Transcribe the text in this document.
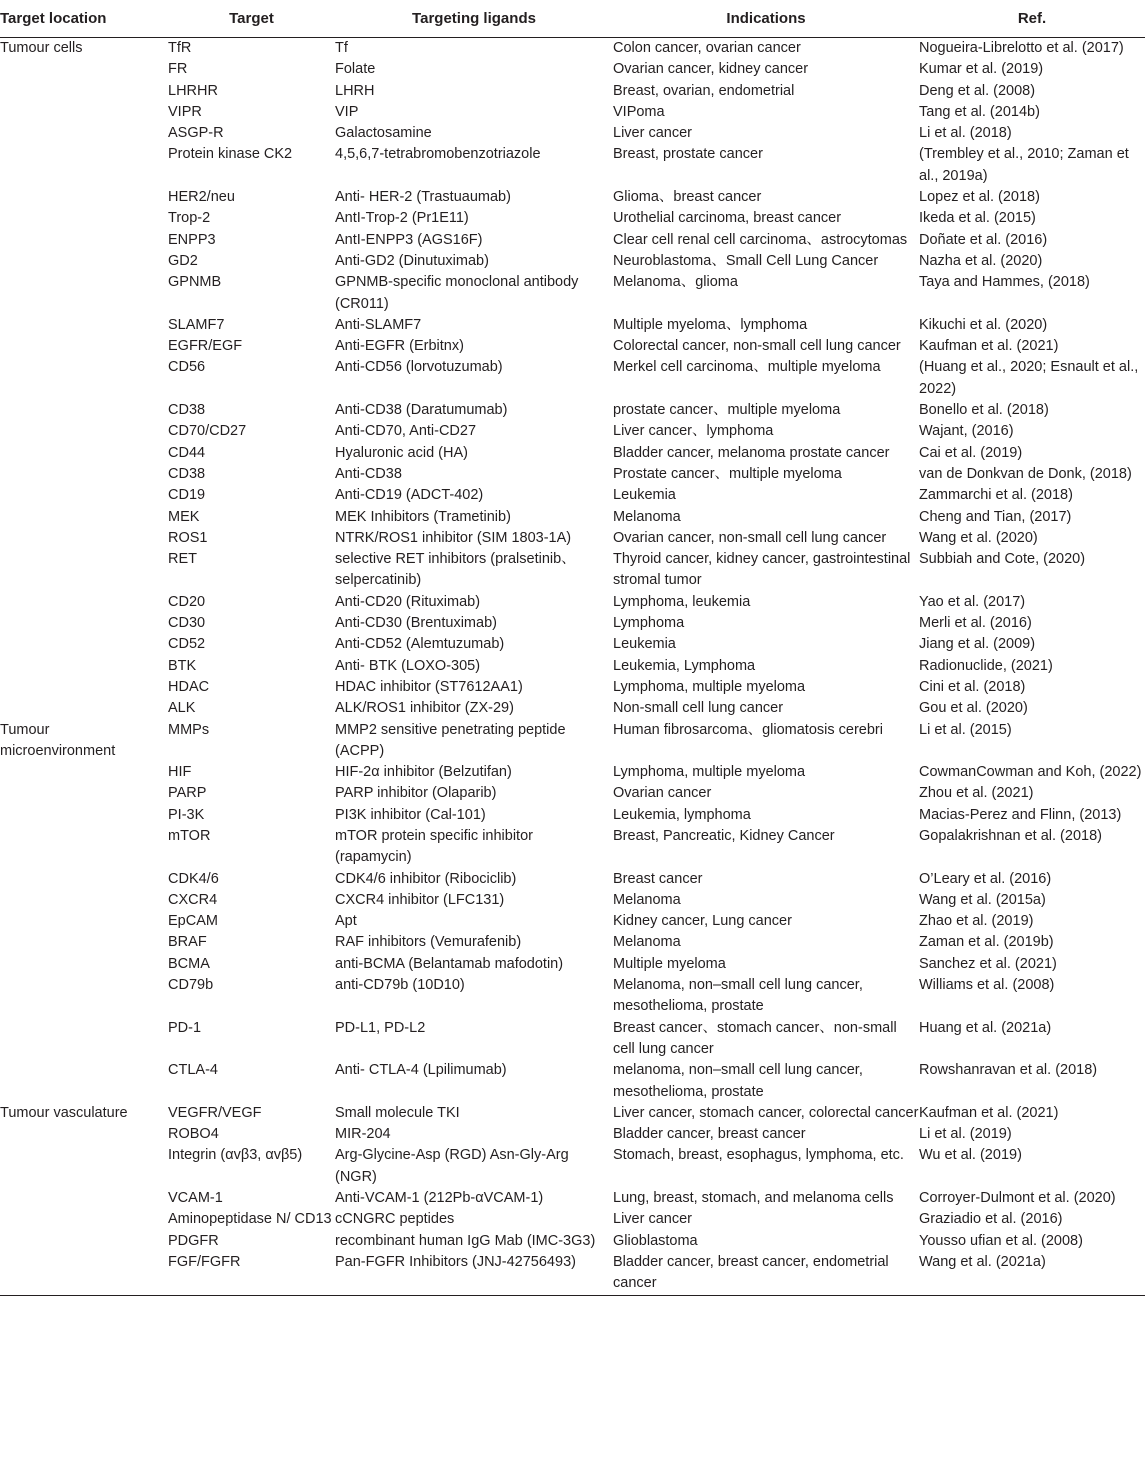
Target location	Target	Targeting ligands	Indications	Ref.
Tumour cells	TfR	Tf	Colon cancer, ovarian cancer	Nogueira-Librelotto et al. (2017)
	FR	Folate	Ovarian cancer, kidney cancer	Kumar et al. (2019)
	LHRHR	LHRH	Breast, ovarian, endometrial	Deng et al. (2008)
	VIPR	VIP	VIPoma	Tang et al. (2014b)
	ASGP-R	Galactosamine	Liver cancer	Li et al. (2018)
	Protein kinase CK2	4,5,6,7-tetrabromobenzotriazole	Breast, prostate cancer	(Trembley et al., 2010; Zaman et al., 2019a)
	HER2/neu	Anti- HER-2 (Trastuaumab)	Glioma、breast cancer	Lopez et al. (2018)
	Trop-2	AntI-Trop-2 (Pr1E11)	Urothelial carcinoma, breast cancer	Ikeda et al. (2015)
	ENPP3	AntI-ENPP3 (AGS16F)	Clear cell renal cell carcinoma、astrocytomas	Doñate et al. (2016)
	GD2	Anti-GD2 (Dinutuximab)	Neuroblastoma、Small Cell Lung Cancer	Nazha et al. (2020)
	GPNMB	GPNMB-specific monoclonal antibody (CR011)	Melanoma、glioma	Taya and Hammes, (2018)
	SLAMF7	Anti-SLAMF7	Multiple myeloma、lymphoma	Kikuchi et al. (2020)
	EGFR/EGF	Anti-EGFR (Erbitnx)	Colorectal cancer, non-small cell lung cancer	Kaufman et al. (2021)
	CD56	Anti-CD56 (lorvotuzumab)	Merkel cell carcinoma、multiple myeloma	(Huang et al., 2020; Esnault et al., 2022)
	CD38	Anti-CD38 (Daratumumab)	prostate cancer、multiple myeloma	Bonello et al. (2018)
	CD70/CD27	Anti-CD70, Anti-CD27	Liver cancer、lymphoma	Wajant, (2016)
	CD44	Hyaluronic acid (HA)	Bladder cancer, melanoma prostate cancer	Cai et al. (2019)
	CD38	Anti-CD38	Prostate cancer、multiple myeloma	van de Donkvan de Donk, (2018)
	CD19	Anti-CD19 (ADCT-402)	Leukemia	Zammarchi et al. (2018)
	MEK	MEK Inhibitors (Trametinib)	Melanoma	Cheng and Tian, (2017)
	ROS1	NTRK/ROS1 inhibitor (SIM 1803-1A)	Ovarian cancer, non-small cell lung cancer	Wang et al. (2020)
	RET	selective RET inhibitors (pralsetinib、selpercatinib)	Thyroid cancer, kidney cancer, gastrointestinal stromal tumor	Subbiah and Cote, (2020)
	CD20	Anti-CD20 (Rituximab)	Lymphoma, leukemia	Yao et al. (2017)
	CD30	Anti-CD30 (Brentuximab)	Lymphoma	Merli et al. (2016)
	CD52	Anti-CD52 (Alemtuzumab)	Leukemia	Jiang et al. (2009)
	BTK	Anti- BTK (LOXO-305)	Leukemia, Lymphoma	Radionuclide, (2021)
	HDAC	HDAC inhibitor (ST7612AA1)	Lymphoma, multiple myeloma	Cini et al. (2018)
	ALK	ALK/ROS1 inhibitor (ZX-29)	Non-small cell lung cancer	Gou et al. (2020)
Tumour microenvironment	MMPs	MMP2 sensitive penetrating peptide (ACPP)	Human fibrosarcoma、gliomatosis cerebri	Li et al. (2015)
	HIF	HIF-2α inhibitor (Belzutifan)	Lymphoma, multiple myeloma	CowmanCowman and Koh, (2022)
	PARP	PARP inhibitor (Olaparib)	Ovarian cancer	Zhou et al. (2021)
	PI-3K	PI3K inhibitor (Cal-101)	Leukemia, lymphoma	Macias-Perez and Flinn, (2013)
	mTOR	mTOR protein specific inhibitor (rapamycin)	Breast, Pancreatic, Kidney Cancer	Gopalakrishnan et al. (2018)
	CDK4/6	CDK4/6 inhibitor (Ribociclib)	Breast cancer	O’Leary et al. (2016)
	CXCR4	CXCR4 inhibitor (LFC131)	Melanoma	Wang et al. (2015a)
	EpCAM	Apt	Kidney cancer, Lung cancer	Zhao et al. (2019)
	BRAF	RAF inhibitors (Vemurafenib)	Melanoma	Zaman et al. (2019b)
	BCMA	anti-BCMA (Belantamab mafodotin)	Multiple myeloma	Sanchez et al. (2021)
	CD79b	anti-CD79b (10D10)	Melanoma, non–small cell lung cancer, mesothelioma, prostate	Williams et al. (2008)
	PD-1	PD-L1, PD-L2	Breast cancer、stomach cancer、non-small cell lung cancer	Huang et al. (2021a)
	CTLA-4	Anti- CTLA-4 (Lpilimumab)	melanoma, non–small cell lung cancer, mesothelioma, prostate	Rowshanravan et al. (2018)
Tumour vasculature	VEGFR/VEGF	Small molecule TKI	Liver cancer, stomach cancer, colorectal cancer	Kaufman et al. (2021)
	ROBO4	MIR-204	Bladder cancer, breast cancer	Li et al. (2019)
	Integrin (αvβ3, αvβ5)	Arg-Glycine-Asp (RGD) Asn-Gly-Arg (NGR)	Stomach, breast, esophagus, lymphoma, etc.	Wu et al. (2019)
	VCAM-1	Anti-VCAM-1 (212Pb-αVCAM-1)	Lung, breast, stomach, and melanoma cells	Corroyer-Dulmont et al. (2020)
	Aminopeptidase N/ CD13	cCNGRC peptides	Liver cancer	Graziadio et al. (2016)
	PDGFR	recombinant human IgG Mab (IMC-3G3)	Glioblastoma	Yousso ufian et al. (2008)
	FGF/FGFR	Pan-FGFR Inhibitors (JNJ-42756493)	Bladder cancer, breast cancer, endometrial cancer	Wang et al. (2021a)
